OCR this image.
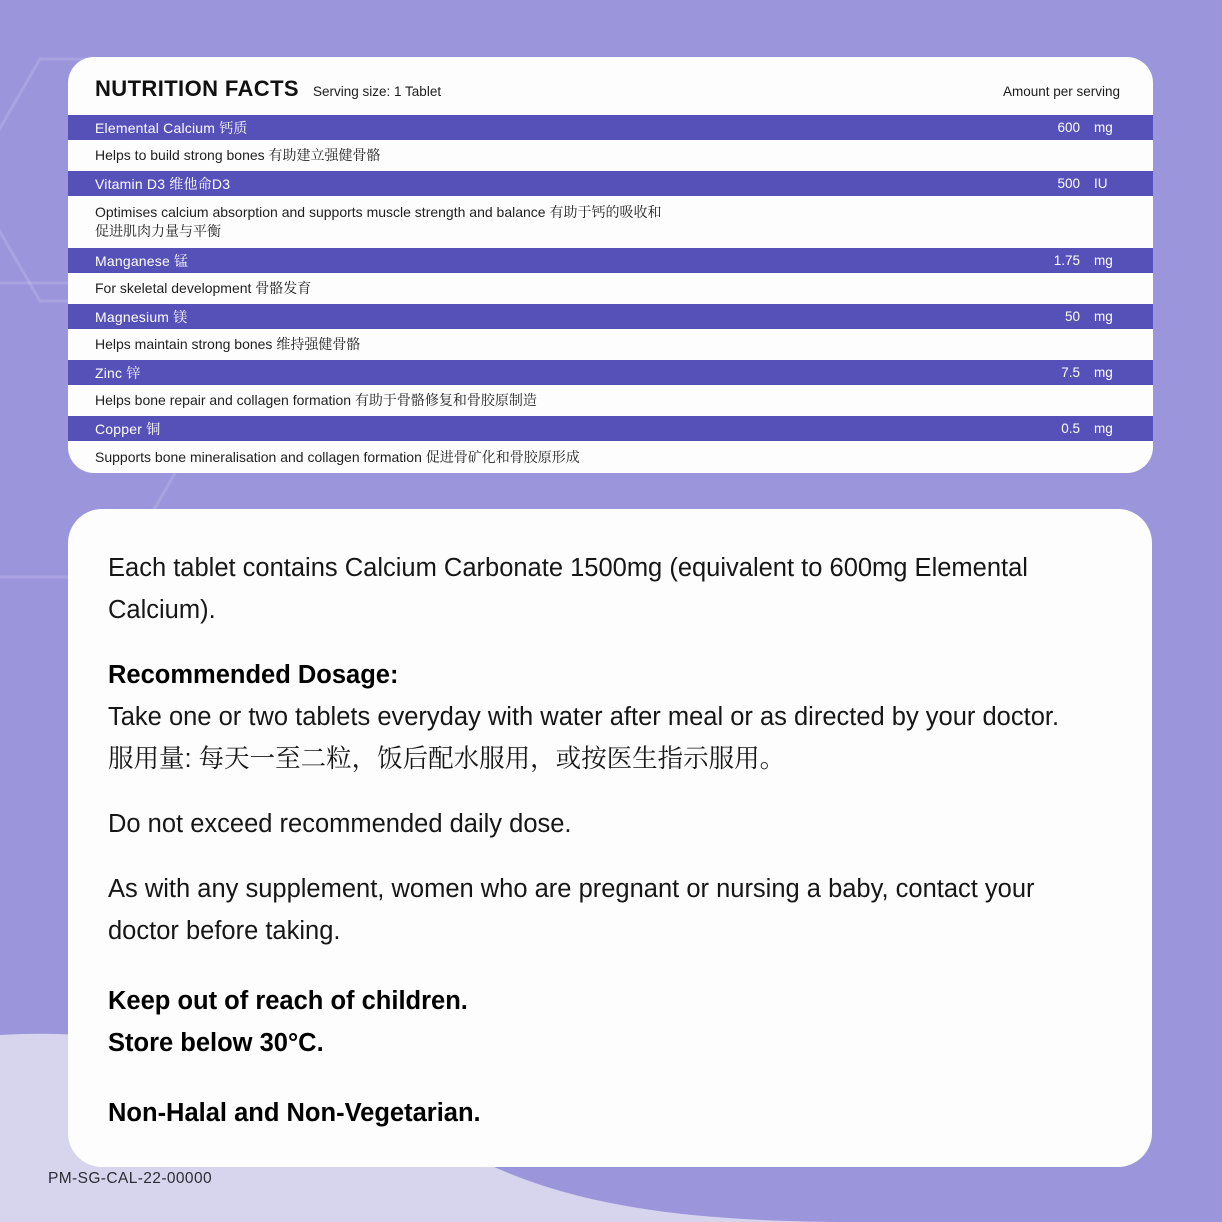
NUTRITION FACTS Serving size: 1 Tablet	Amount per serving
Elemental Calcium 钙质	600 mg
Helps to build strong bones 有助建立强健骨骼
Vitamin D3 维他命D3	500 IU
Optimises calcium absorption and supports muscle strength and balance 有助于钙的吸收和促进肌肉力量与平衡
Manganese 锰	1.75 mg
For skeletal development 骨骼发育
Magnesium 镁	50 mg
Helps maintain strong bones 维持强健骨骼
Zinc 锌	7.5 mg
Helps bone repair and collagen formation 有助于骨骼修复和骨胶原制造
Copper 铜	0.5 mg
Supports bone mineralisation and collagen formation 促进骨矿化和骨胶原形成

Each tablet contains Calcium Carbonate 1500mg (equivalent to 600mg Elemental Calcium).

Recommended Dosage:

Take one or two tablets everyday with water after meal or as directed by your doctor.

服用量: 每天一至二粒，饭后配水服用，或按医生指示服用。

Do not exceed recommended daily dose.

As with any supplement, women who are pregnant or nursing a baby, contact your doctor before taking.

Keep out of reach of children.

Store below 30°C.

Non-Halal and Non-Vegetarian.

PM-SG-CAL-22-00000
